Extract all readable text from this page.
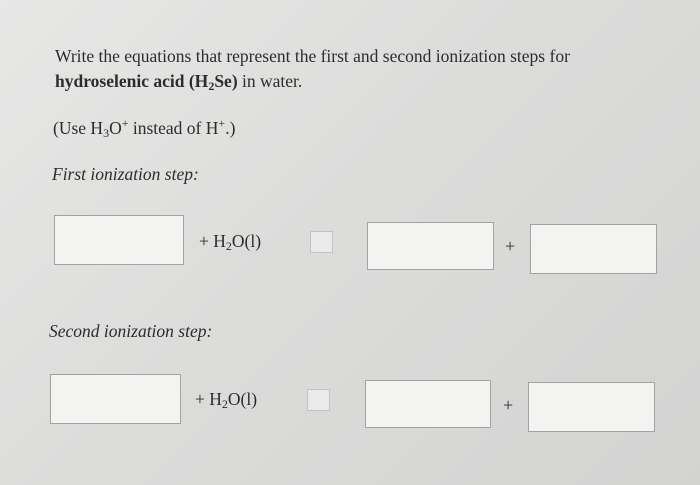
Write the equations that represent the first and second ionization steps for
hydroselenic acid $(H_2Se)$ in water.
(Use $H_3O^+$ instead of H+.)
First ionization step:
+ $H_2O(l)$	+
Second ionization step:
+ $H_2O(l)$	+
